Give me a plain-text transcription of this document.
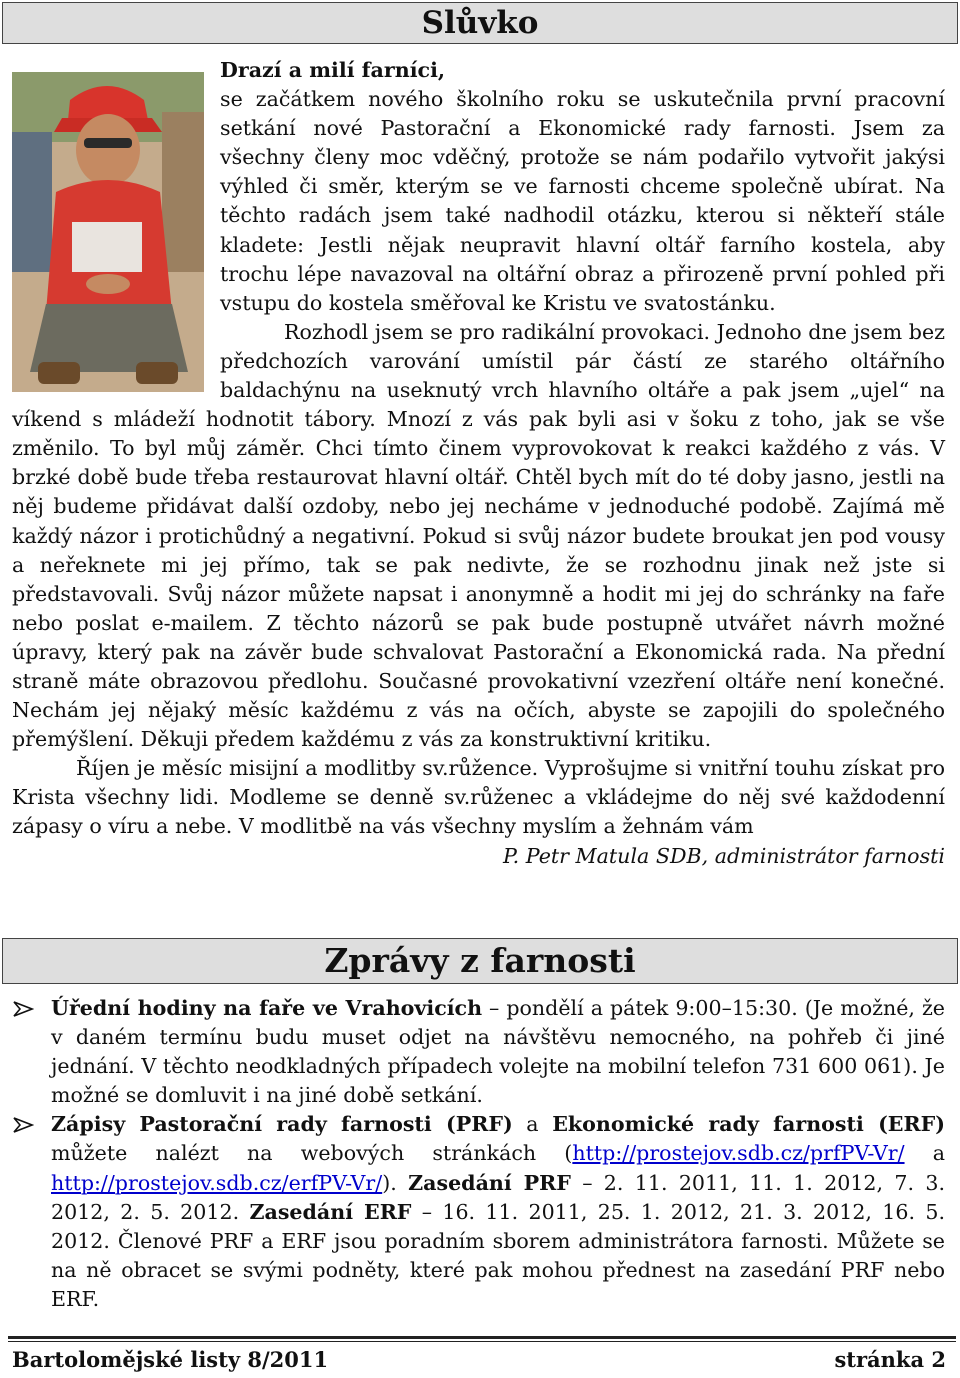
Slůvko
Drazí a milí farníci,
se začátkem nového školního roku se uskutečnila první pracovní setkání nové Pastorační a Ekonomické rady farnosti. Jsem za všechny členy moc vděčný, protože se nám podařilo vytvořit jakýsi výhled či směr, kterým se ve farnosti chceme společně ubírat. Na těchto radách jsem také nadhodil otázku, kterou si někteří stále kladete: Jestli nějak neupravit hlavní oltář farního kostela, aby trochu lépe navazoval na oltářní obraz a přirozeně první pohled při vstupu do kostela směřoval ke Kristu ve svatostánku.
Rozhodl jsem se pro radikální provokaci. Jednoho dne jsem bez předchozích varování umístil pár částí ze starého oltářního baldachýnu na useknutý vrch hlavního oltáře a pak jsem „ujel“ na víkend s mládeží hodnotit tábory. Mnozí z vás pak byli asi v šoku z toho, jak se vše změnilo. To byl můj záměr. Chci tímto činem vyprovokovat k reakci každého z vás. V brzké době bude třeba restaurovat hlavní oltář. Chtěl bych mít do té doby jasno, jestli na něj budeme přidávat další ozdoby, nebo jej necháme v jednoduché podobě. Zajímá mě každý názor i protichůdný a negativní. Pokud si svůj názor budete broukat jen pod vousy a neřeknete mi jej přímo, tak se pak nedivte, že se rozhodnu jinak než jste si představovali. Svůj názor můžete napsat i anonymně a hodit mi jej do schránky na faře nebo poslat e-mailem. Z těchto názorů se pak bude postupně utvářet návrh možné úpravy, který pak na závěr bude schvalovat Pastorační a Ekonomická rada. Na přední straně máte obrazovou předlohu. Současné provokativní vzezření oltáře není konečné. Nechám jej nějaký měsíc každému z vás na očích, abyste se zapojili do společného přemýšlení. Děkuji předem každému z vás za konstruktivní kritiku.
Říjen je měsíc misijní a modlitby sv.růžence. Vyprošujme si vnitřní touhu získat pro Krista všechny lidi. Modleme se denně sv.růženec a vkládejme do něj své každodenní zápasy o víru a nebe. V modlitbě na vás všechny myslím a žehnám vám

P. Petr Matula SDB, administrátor farnosti

Zprávy z farnosti
Úřední hodiny na faře ve Vrahovicích – pondělí a pátek 9:00–15:30. (Je možné, že v daném termínu budu muset odjet na návštěvu nemocného, na pohřeb či jiné jednání. V těchto neodkladných případech volejte na mobilní telefon 731 600 061). Je možné se domluvit i na jiné době setkání.
Zápisy Pastorační rady farnosti (PRF) a Ekonomické rady farnosti (ERF) můžete nalézt na webových stránkách (http://prostejov.sdb.cz/prfPV-Vr/ a http://prostejov.sdb.cz/erfPV-Vr/). Zasedání PRF – 2. 11. 2011, 11. 1. 2012, 7. 3. 2012, 2. 5. 2012. Zasedání ERF – 16. 11. 2011, 25. 1. 2012, 21. 3. 2012, 16. 5. 2012. Členové PRF a ERF jsou poradním sborem administrátora farnosti. Můžete se na ně obracet se svými podněty, které pak mohou přednest na zasedání PRF nebo ERF.
Bartolomějské listy 8/2011	stránka 2
